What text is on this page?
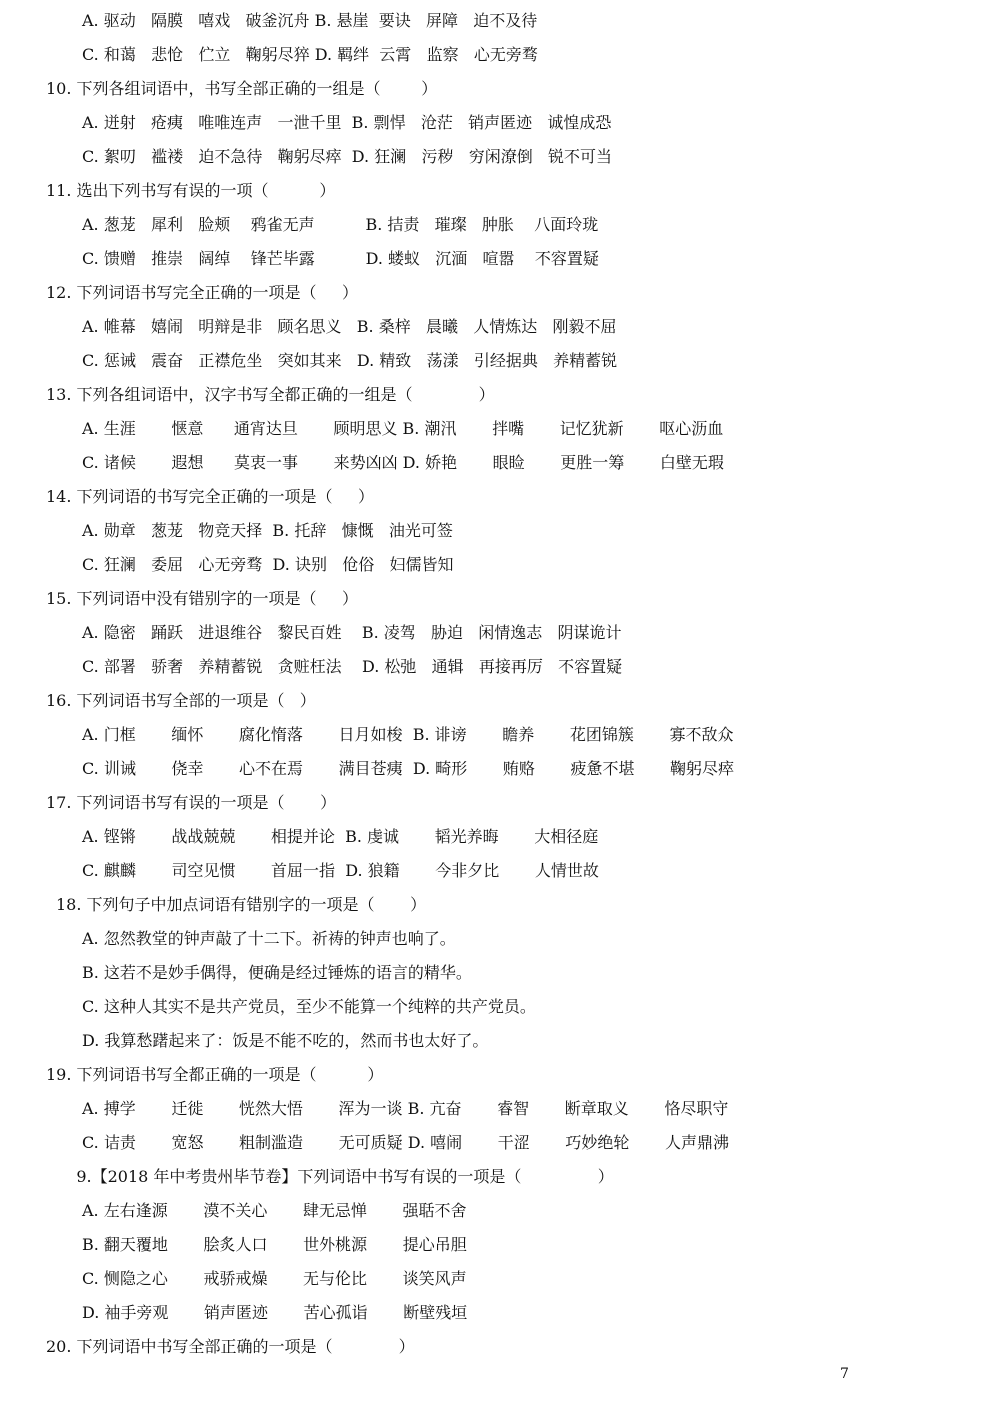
A. 驱动   隔膜   嘻戏   破釜沉舟 B. 悬崖  要诀   屏障   迫不及待
C. 和蔼   悲怆   伫立   鞠躬尽猝 D. 羁绊  云霄   监察   心无旁骛
10. 下列各组词语中，书写全部正确的一组是（        ）
A. 迸射   疮痍   唯唯连声   一泄千里  B. 剽悍   沧茫   销声匿迹   诚惶成恐
C. 絮叨   褴褛   迫不急待   鞠躬尽瘁  D. 狂澜   污秽   穷闲潦倒   锐不可当
11. 选出下列书写有误的一项（          ）
A. 葱茏   犀利   脸颊    鸦雀无声          B. 拮责   璀璨   肿胀    八面玲珑
C. 馈赠   推崇   阔绰    锋芒毕露          D. 蝼蚁   沉湎   喧嚣    不容置疑
12. 下列词语书写完全正确的一项是（     ）
A. 帷幕   嬉闹   明辩是非   顾名思义   B. 桑梓   晨曦   人情炼达   刚毅不屈
C. 惩诫   震奋   正襟危坐   突如其来   D. 精致   荡漾   引经据典   养精蓄锐
13. 下列各组词语中，汉字书写全都正确的一组是（             ）
A. 生涯       惬意      通宵达旦       顾明思义 B. 潮汛       拌嘴       记忆犹新       呕心沥血
C. 诸候       遐想      莫衷一事       来势凶凶 D. 娇艳       眼睑       更胜一筹       白壁无瑕
14. 下列词语的书写完全正确的一项是（     ）
A. 勋章   葱茏   物竞天择  B. 托辞   慷慨   油光可签
C. 狂澜   委屈   心无旁骛  D. 诀别   伧俗   妇儒皆知
15. 下列词语中没有错别字的一项是（     ）
A. 隐密   踊跃   进退维谷   黎民百姓    B. 凌驾   胁迫   闲情逸志   阴谋诡计
C. 部署   骄奢   养精蓄锐   贪赃枉法    D. 松弛   通辑   再接再厉   不容置疑
16. 下列词语书写全部的一项是（   ）
A. 门框       缅怀       腐化惰落       日月如梭  B. 诽谤       瞻养       花团锦簇       寡不敌众
C. 训诫       侥幸       心不在焉       满目苍痍  D. 畸形       贿赂       疲惫不堪       鞠躬尽瘁
17. 下列词语书写有误的一项是（       ）
A. 铿锵       战战兢兢       相提并论  B. 虔诚       韬光养晦       大相径庭
C. 麒麟       司空见惯       首屈一指  D. 狼籍       今非夕比       人情世故
18. 下列句子中加点词语有错别字的一项是（       ）
A. 忽然教堂的钟声敲了十二下。祈祷的钟声也响了。
B. 这若不是妙手偶得，便确是经过锤炼的语言的精华。
C. 这种人其实不是共产党员，至少不能算一个纯粹的共产党员。
D. 我算愁躇起来了：饭是不能不吃的，然而书也太好了。
19. 下列词语书写全都正确的一项是（          ）
A. 搏学       迁徙       恍然大悟       浑为一谈 B. 亢奋       睿智       断章取义       恪尽职守
C. 诘责       宽怒       粗制滥造       无可质疑 D. 嘻闹       干涩       巧妙绝轮       人声鼎沸
9.【2018 年中考贵州毕节卷】下列词语中书写有误的一项是（               ）
A. 左右逢源       漠不关心       肆无忌惮       强聒不舍
B. 翻天覆地       脍炙人口       世外桃源       提心吊胆
C. 恻隐之心       戒骄戒燥       无与伦比       谈笑风声
D. 袖手旁观       销声匿迹       苦心孤诣       断壁残垣
20. 下列词语中书写全部正确的一项是（             ）
7
